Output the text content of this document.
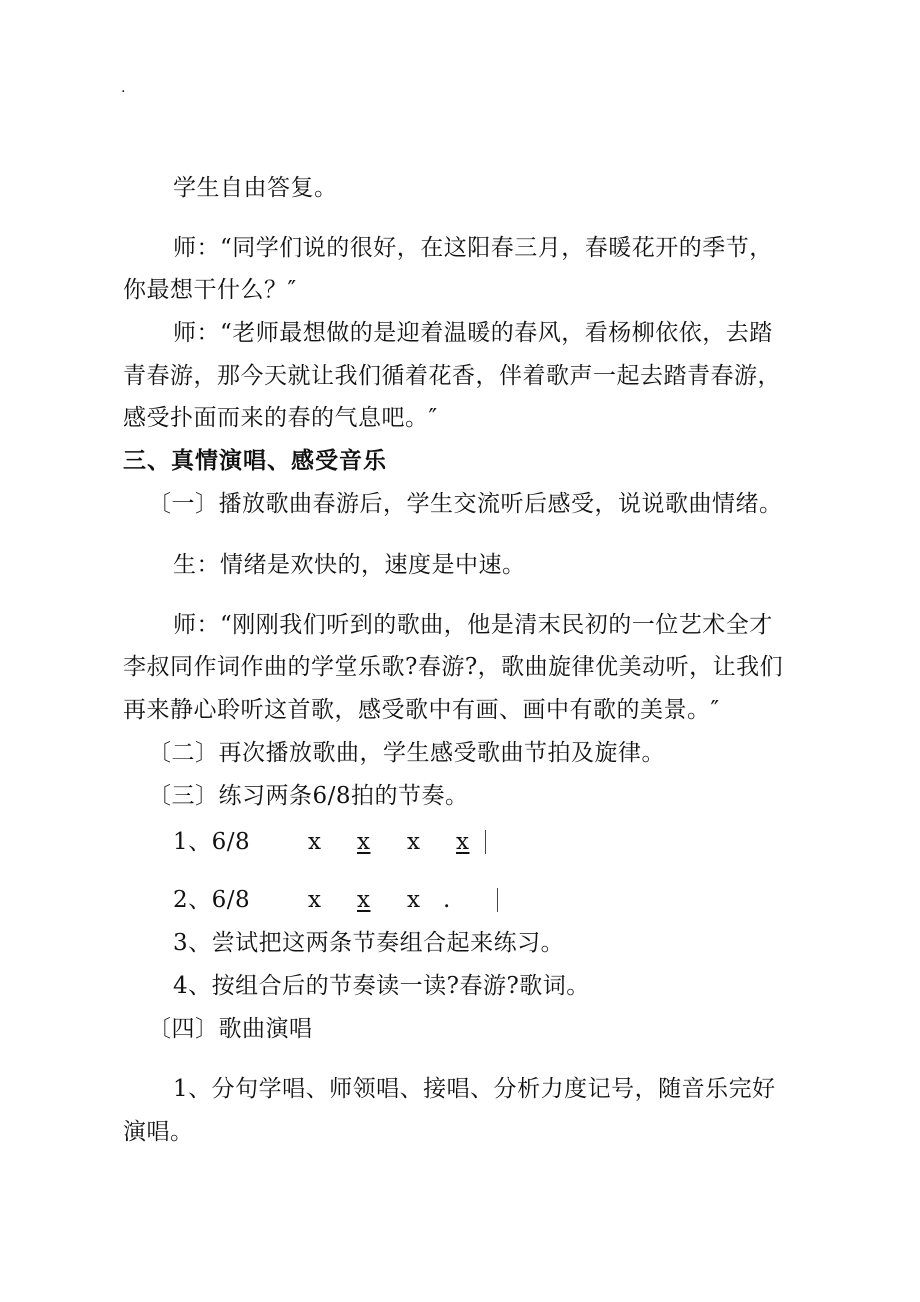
.
学生自由答复。
师：“同学们说的很好，在这阳春三月，春暖花开的季节，
你最想干什么？″
师：“老师最想做的是迎着温暖的春风，看杨柳依依，去踏
青春游，那今天就让我们循着花香，伴着歌声一起去踏青春游，
感受扑面而来的春的气息吧。″
三、真情演唱、感受音乐
〔一〕播放歌曲春游后，学生交流听后感受，说说歌曲情绪。
生：情绪是欢快的，速度是中速。
师：“刚刚我们听到的歌曲，他是清末民初的一位艺术全才
李叔同作词作曲的学堂乐歌?春游?，歌曲旋律优美动听，让我们
再来静心聆听这首歌，感受歌中有画、画中有歌的美景。″
〔二〕再次播放歌曲，学生感受歌曲节拍及旋律。
〔三〕练习两条6/8拍的节奏。
1、6/8	x x x x
2、6/8	x x x .
3、尝试把这两条节奏组合起来练习。
4、按组合后的节奏读一读?春游?歌词。
〔四〕歌曲演唱
1、分句学唱、师领唱、接唱、分析力度记号，随音乐完好
演唱。
